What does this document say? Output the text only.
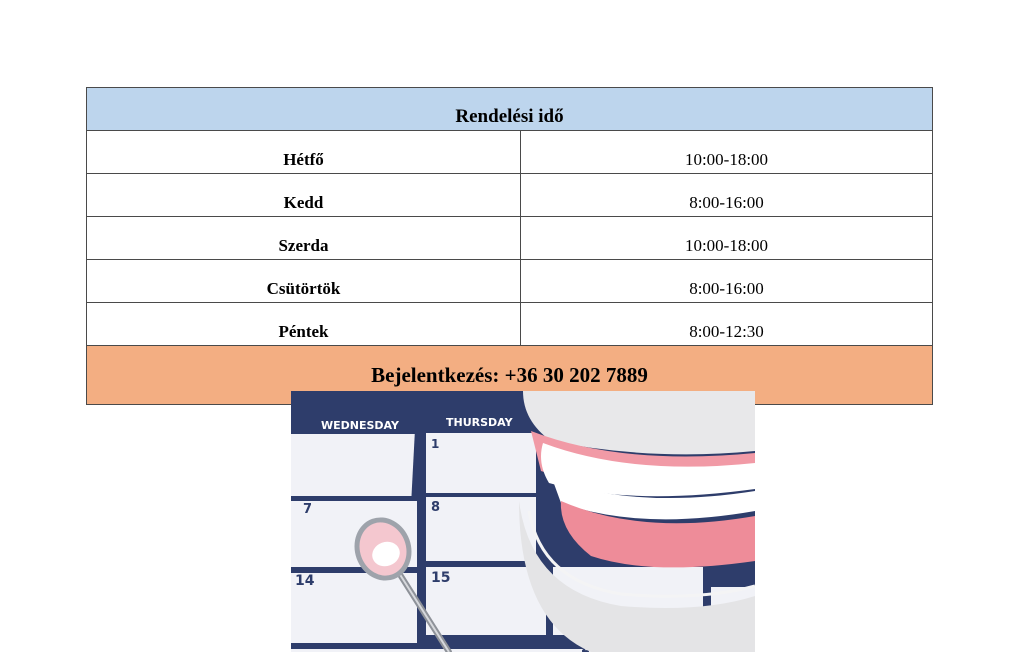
Rendelési idő	
Hétfő	10:00-18:00
Kedd	8:00-16:00
Szerda	10:00-18:00
Csütörtök	8:00-16:00
Péntek	8:00-12:30
Bejelentkezés: +36 30 202 7889	
WEDNESDAY	THURSDAY
1
7	8
14	15
